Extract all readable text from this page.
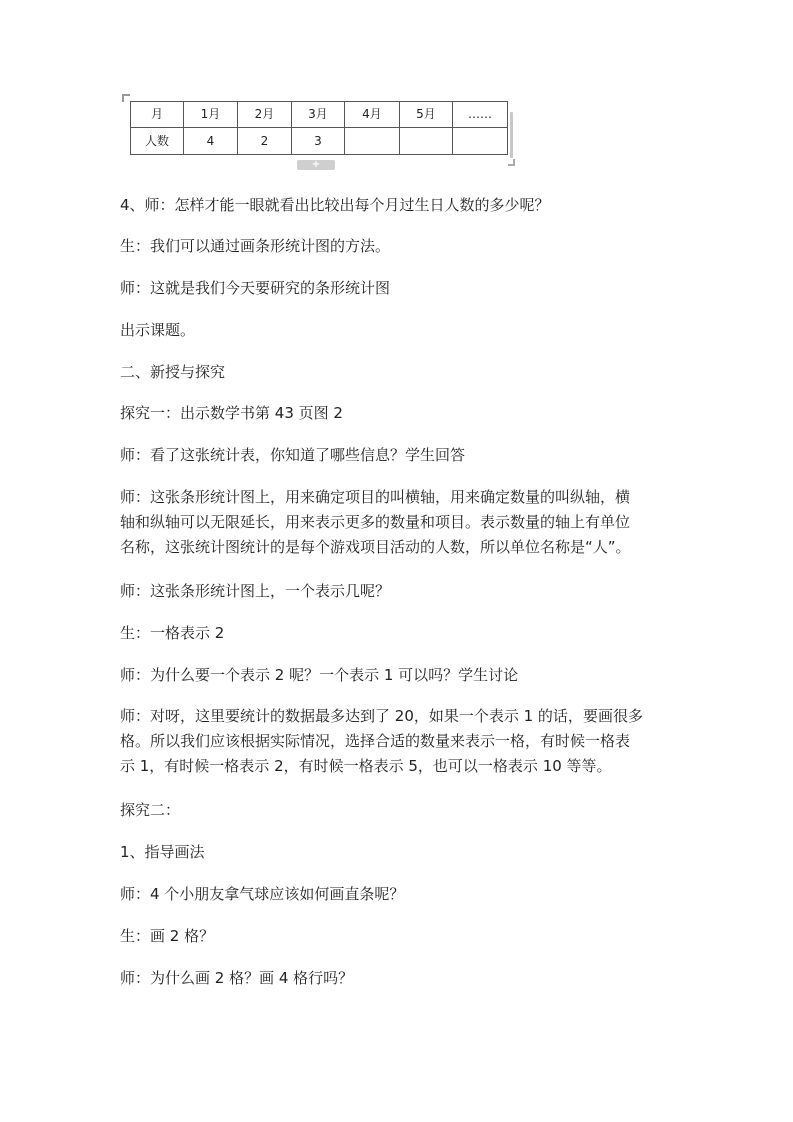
月	1月	2月	3月	4月	5月	……
人数	4	2	3			
+
4、师：怎样才能一眼就看出比较出每个月过生日人数的多少呢？
生：我们可以通过画条形统计图的方法。
师：这就是我们今天要研究的条形统计图
出示课题。
二、新授与探究
探究一：出示数学书第 43 页图 2
师：看了这张统计表，你知道了哪些信息？学生回答
师：这张条形统计图上，用来确定项目的叫横轴，用来确定数量的叫纵轴，横
轴和纵轴可以无限延长，用来表示更多的数量和项目。表示数量的轴上有单位
名称，这张统计图统计的是每个游戏项目活动的人数，所以单位名称是“人”。
师：这张条形统计图上，一个表示几呢？
生：一格表示 2
师：为什么要一个表示 2 呢？一个表示 1 可以吗？学生讨论
师：对呀，这里要统计的数据最多达到了 20，如果一个表示 1 的话，要画很多
格。所以我们应该根据实际情况，选择合适的数量来表示一格，有时候一格表
示 1，有时候一格表示 2，有时候一格表示 5，也可以一格表示 10 等等。
探究二：
1、指导画法
师：4 个小朋友拿气球应该如何画直条呢？
生：画 2 格？
师：为什么画 2 格？画 4 格行吗？
